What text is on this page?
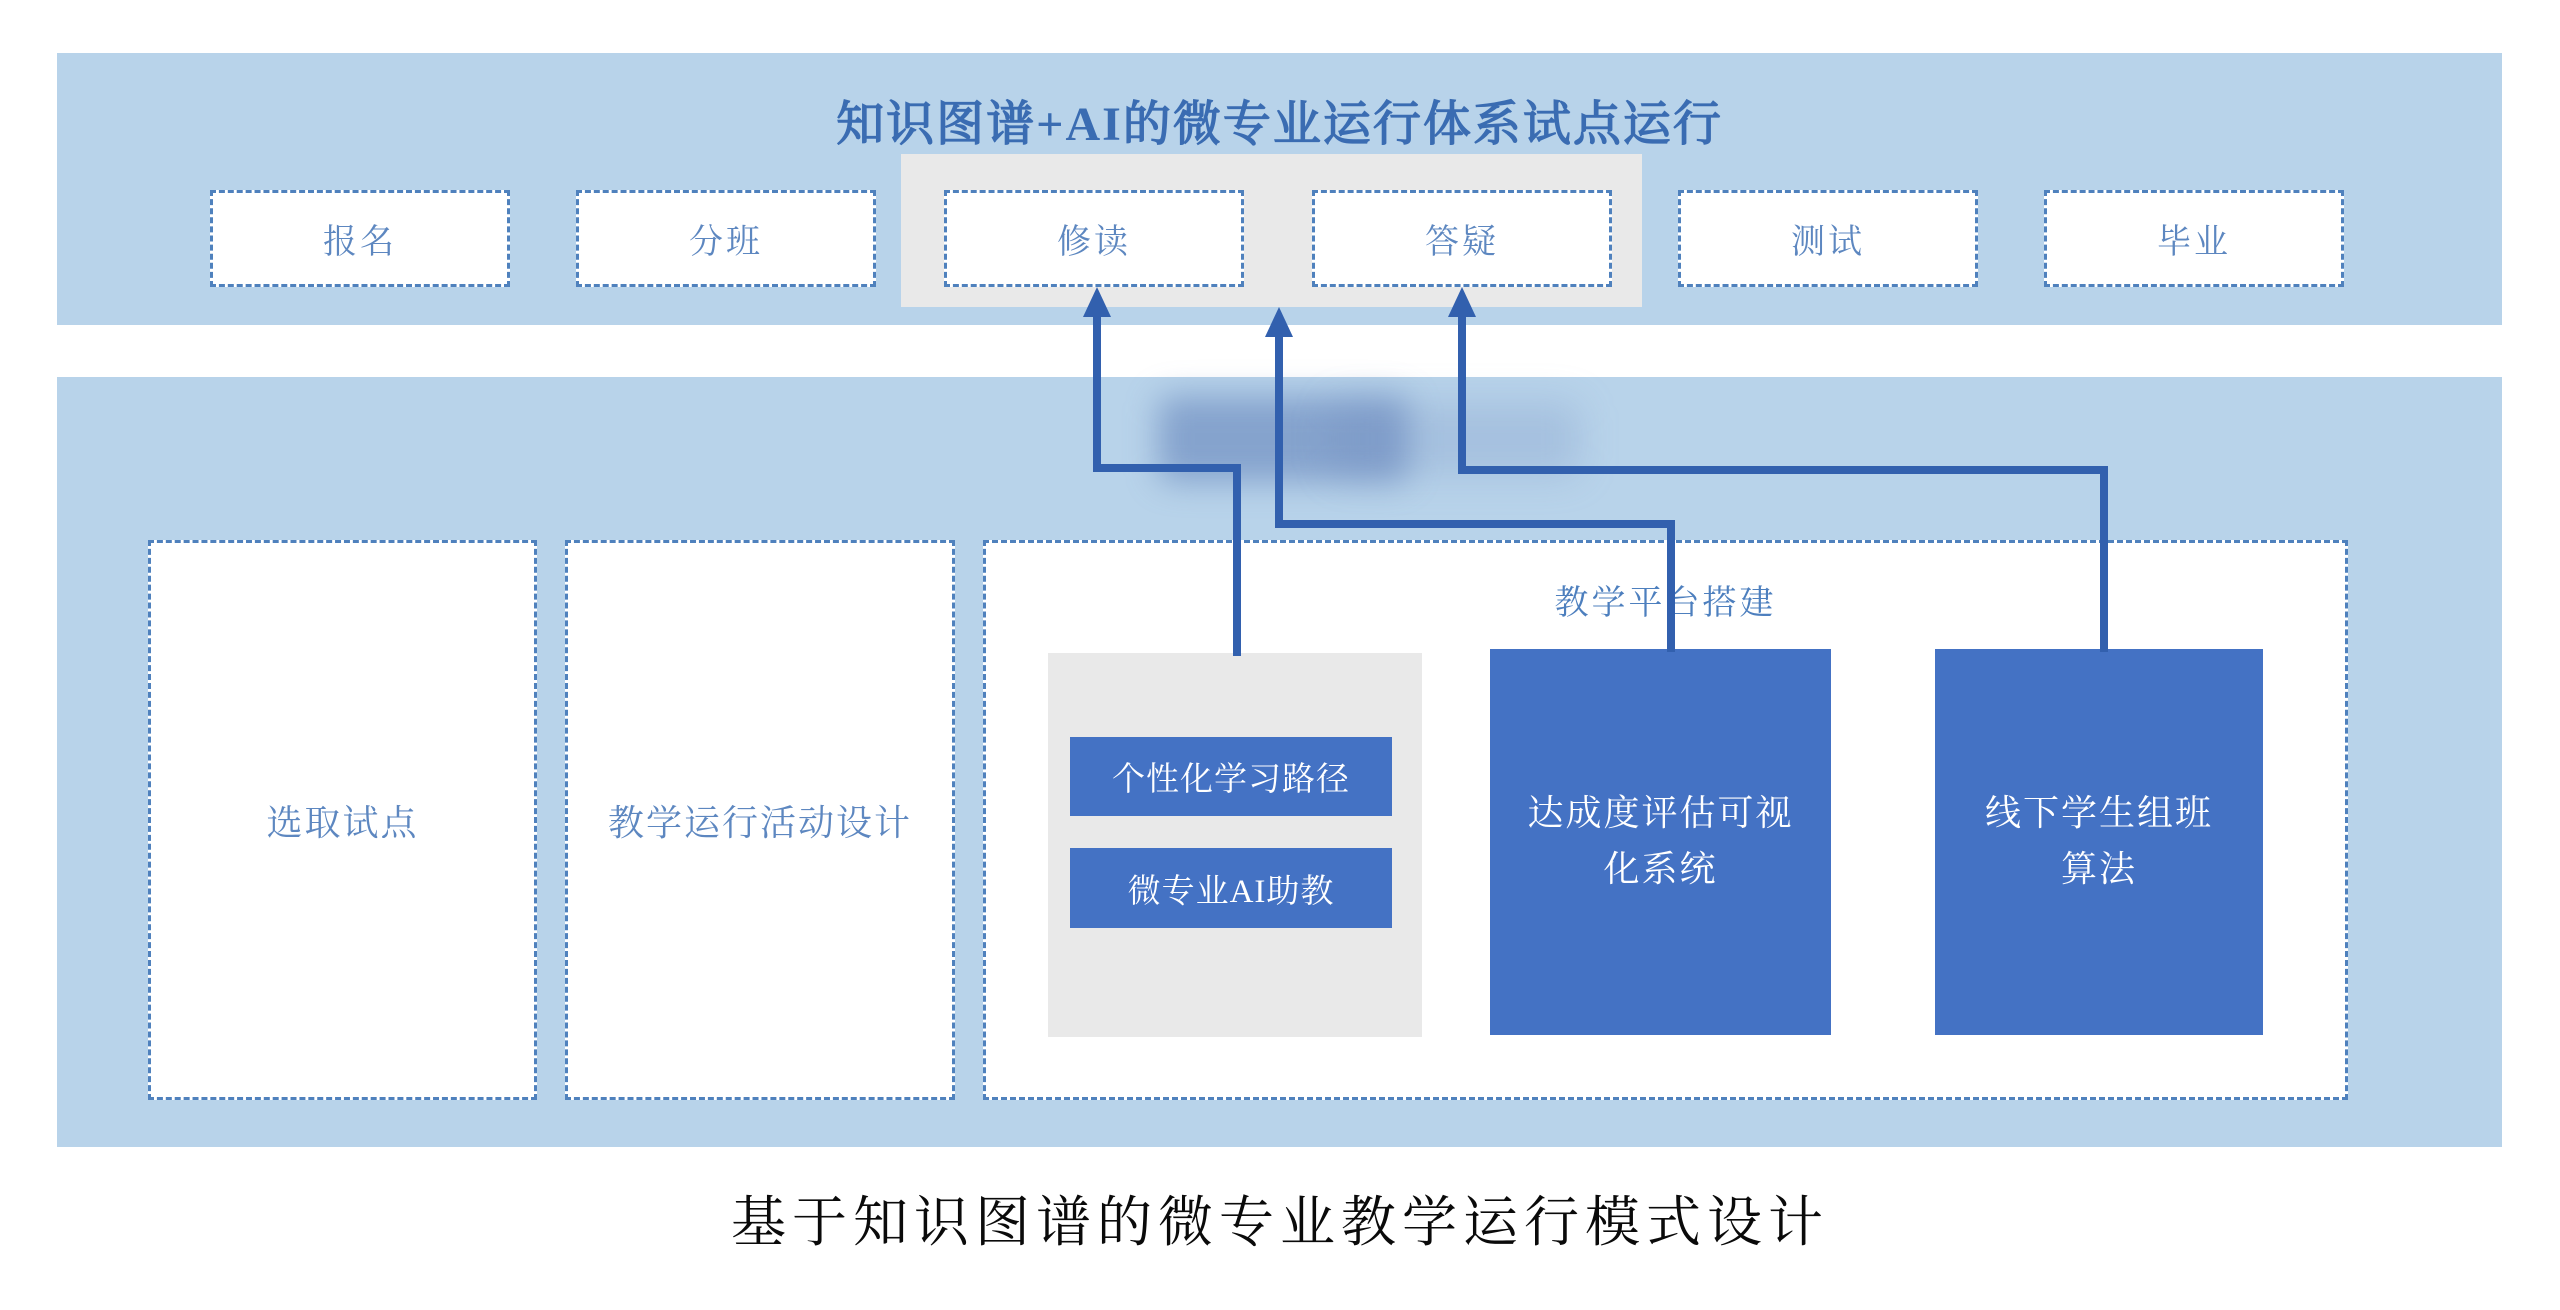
知识图谱+AI的微专业运行体系试点运行
报名	分班	修读	答疑	测试	毕业
选取试点	教学运行活动设计
教学平台搭建
个性化学习路径
微专业AI助教
达成度评估可视
化系统
线下学生组班
算法
基于知识图谱的微专业教学运行模式设计
